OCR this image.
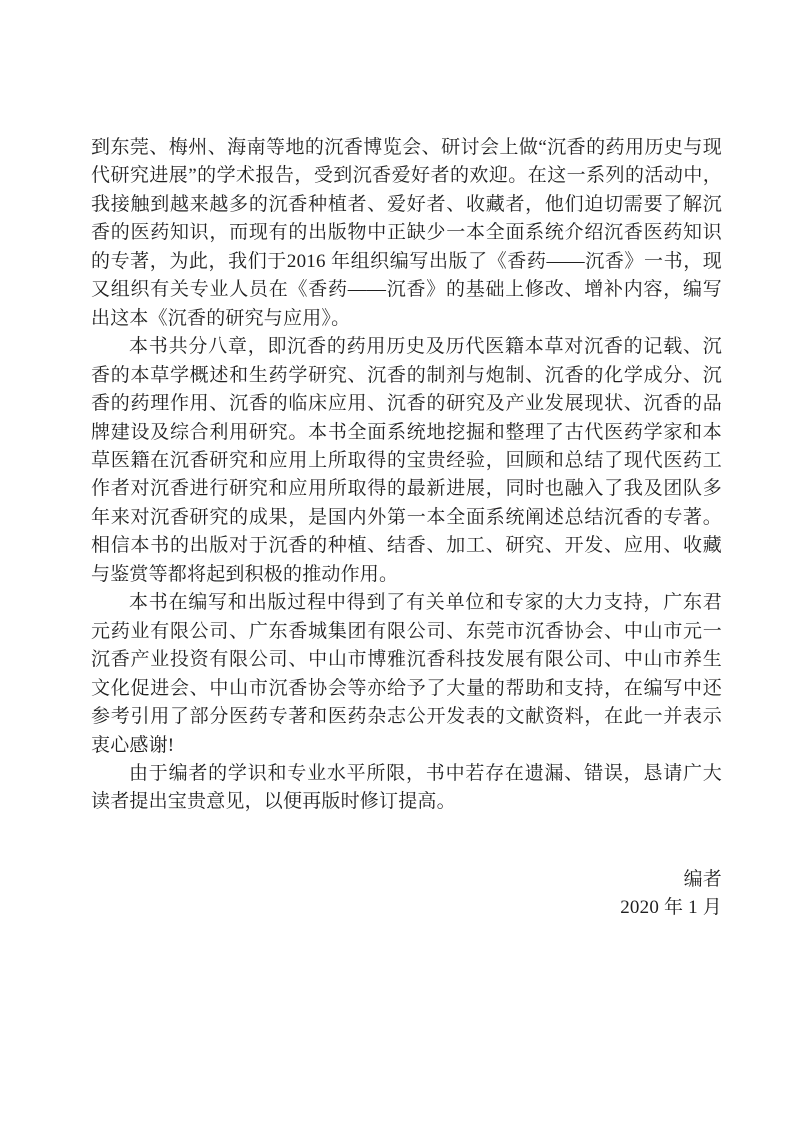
到东莞、梅州、海南等地的沉香博览会、研讨会上做“沉香的药用历史与现代研究进展”的学术报告，受到沉香爱好者的欢迎。在这一系列的活动中，我接触到越来越多的沉香种植者、爱好者、收藏者，他们迫切需要了解沉香的医药知识，而现有的出版物中正缺少一本全面系统介绍沉香医药知识的专著，为此，我们于2016 年组织编写出版了《香药——沉香》一书，现又组织有关专业人员在《香药——沉香》的基础上修改、增补内容，编写出这本《沉香的研究与应用》。

本书共分八章，即沉香的药用历史及历代医籍本草对沉香的记载、沉香的本草学概述和生药学研究、沉香的制剂与炮制、沉香的化学成分、沉香的药理作用、沉香的临床应用、沉香的研究及产业发展现状、沉香的品牌建设及综合利用研究。本书全面系统地挖掘和整理了古代医药学家和本草医籍在沉香研究和应用上所取得的宝贵经验，回顾和总结了现代医药工作者对沉香进行研究和应用所取得的最新进展，同时也融入了我及团队多年来对沉香研究的成果，是国内外第一本全面系统阐述总结沉香的专著。相信本书的出版对于沉香的种植、结香、加工、研究、开发、应用、收藏与鉴赏等都将起到积极的推动作用。

本书在编写和出版过程中得到了有关单位和专家的大力支持，广东君元药业有限公司、广东香城集团有限公司、东莞市沉香协会、中山市元一沉香产业投资有限公司、中山市博雅沉香科技发展有限公司、中山市养生文化促进会、中山市沉香协会等亦给予了大量的帮助和支持，在编写中还参考引用了部分医药专著和医药杂志公开发表的文献资料，在此一并表示衷心感谢!

由于编者的学识和专业水平所限，书中若存在遗漏、错误，恳请广大读者提出宝贵意见，以便再版时修订提高。

编者

2020 年 1 月
